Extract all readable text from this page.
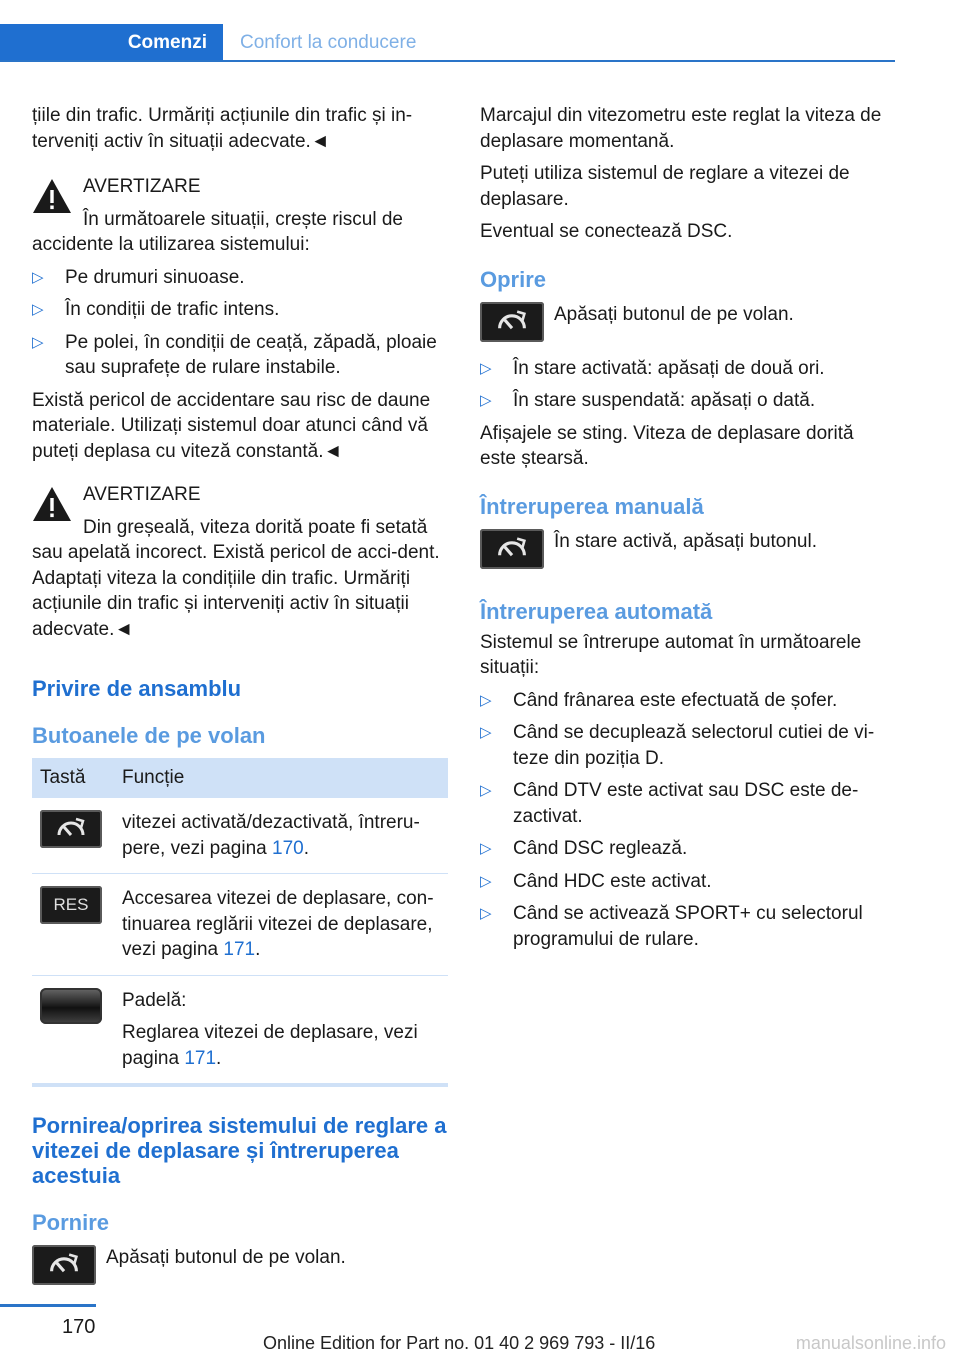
Comenzi Confort la conducere

țiile din trafic. Urmăriți acțiunile din trafic și in-
terveniți activ în situații adecvate.◄

AVERTIZARE
În următoarele situații, crește riscul de
accidente la utilizarea sistemului:
▷ Pe drumuri sinuoase.
▷ În condiții de trafic intens.
▷ Pe polei, în condiții de ceață, zăpadă, ploaie sau suprafețe de rulare instabile.

Există pericol de accidentare sau risc de daune materiale. Utilizați sistemul doar atunci când vă puteți deplasa cu viteză constantă.◄

AVERTIZARE
Din greșeală, viteza dorită poate fi setată
sau apelată incorect. Există pericol de acci-dent. Adaptați viteza la condițiile din trafic. Urmăriți acțiunile din trafic și interveniți activ în situații adecvate.◄
Privire de ansamblu
Butoanele de pe volan
Tastă	Funcție

	vitezei activată/dezactivată, întreru-pere, vezi pagina 170.

RES	Accesarea vitezei de deplasare, con-tinuarea reglării vitezei de deplasare, vezi pagina 171.

	Padelă:
Reglarea vitezei de deplasare, vezi pagina 171.
Pornirea/oprirea sistemului de reglare a vitezei de deplasare și întreruperea acestuia
Pornire
Apăsați butonul de pe volan.

Marcajul din vitezometru este reglat la viteza de deplasare momentană.

Puteți utiliza sistemul de reglare a vitezei de deplasare.

Eventual se conectează DSC.

Oprire
Apăsați butonul de pe volan.
▷ În stare activată: apăsați de două ori.
▷ În stare suspendată: apăsați o dată.

Afișajele se sting. Viteza de deplasare dorită este ștearsă.

Întreruperea manuală
În stare activă, apăsați butonul.
Întreruperea automată

Sistemul se întrerupe automat în următoarele situații:

▷ Când frânarea este efectuată de șofer.
▷ Când se decuplează selectorul cutiei de vi-teze din poziția D.
▷ Când DTV este activat sau DSC este de-zactivat.
▷ Când DSC reglează.
▷ Când HDC este activat.
▷ Când se activează SPORT+ cu selectorul programului de rulare.
170
Online Edition for Part no. 01 40 2 969 793 - II/16	manualsonline.info
